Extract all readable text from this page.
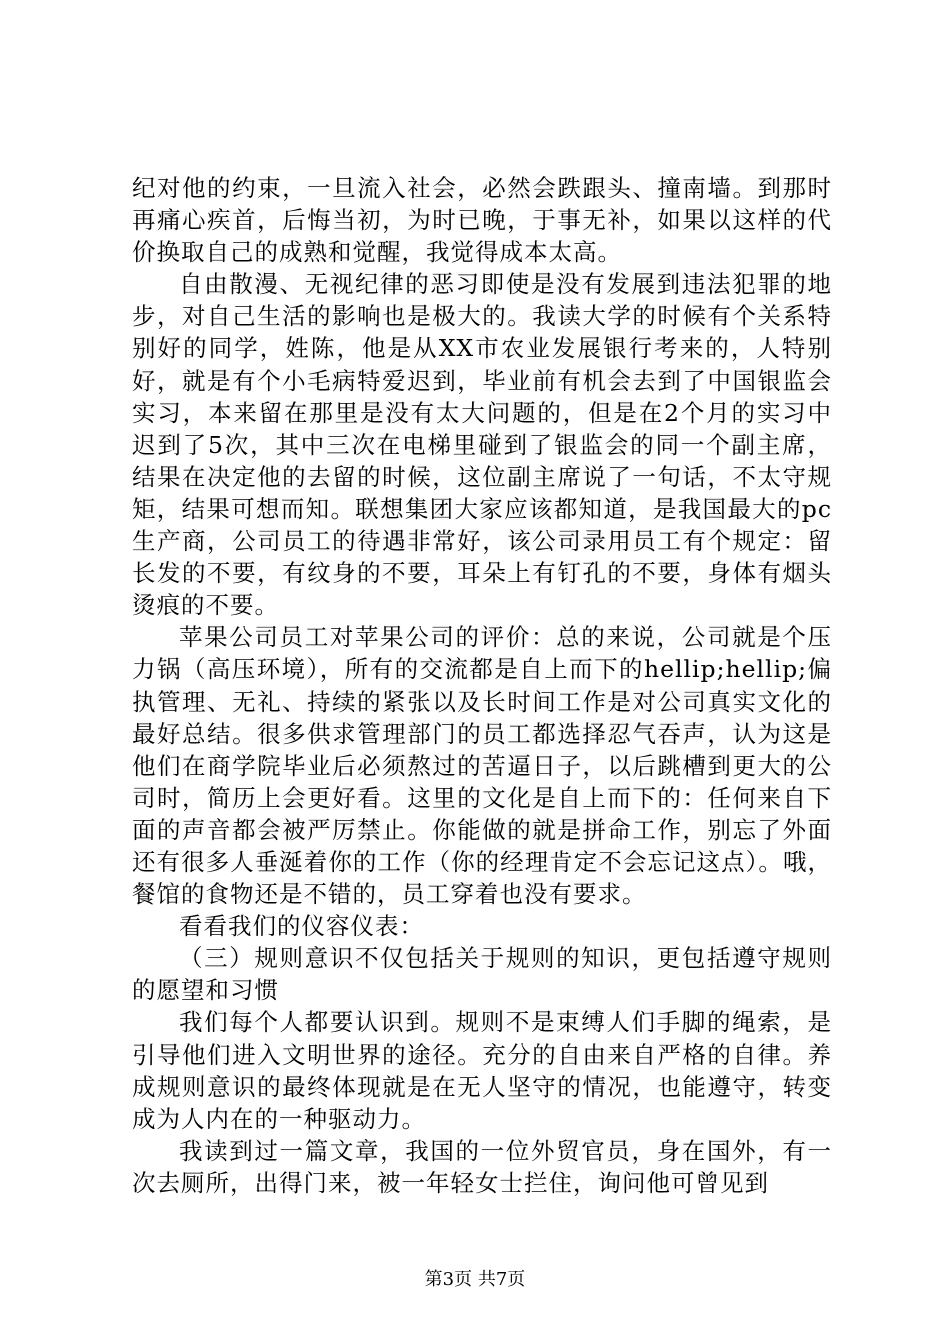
纪对他的约束，一旦流入社会，必然会跌跟头、撞南墙。到那时再痛心疾首，后悔当初，为时已晚，于事无补，如果以这样的代价换取自己的成熟和觉醒，我觉得成本太高。

自由散漫、无视纪律的恶习即使是没有发展到违法犯罪的地步，对自己生活的影响也是极大的。我读大学的时候有个关系特别好的同学，姓陈，他是从XX市农业发展银行考来的，人特别好，就是有个小毛病特爱迟到，毕业前有机会去到了中国银监会实习，本来留在那里是没有太大问题的，但是在2个月的实习中迟到了5次，其中三次在电梯里碰到了银监会的同一个副主席，结果在决定他的去留的时候，这位副主席说了一句话，不太守规矩，结果可想而知。联想集团大家应该都知道，是我国最大的pc生产商，公司员工的待遇非常好，该公司录用员工有个规定：留长发的不要，有纹身的不要，耳朵上有钉孔的不要，身体有烟头烫痕的不要。

苹果公司员工对苹果公司的评价：总的来说，公司就是个压力锅（高压环境），所有的交流都是自上而下的hellip;hellip;偏执管理、无礼、持续的紧张以及长时间工作是对公司真实文化的最好总结。很多供求管理部门的员工都选择忍气吞声，认为这是他们在商学院毕业后必须熬过的苦逼日子，以后跳槽到更大的公司时，简历上会更好看。这里的文化是自上而下的：任何来自下面的声音都会被严厉禁止。你能做的就是拼命工作，别忘了外面还有很多人垂涎着你的工作（你的经理肯定不会忘记这点）。哦，餐馆的食物还是不错的，员工穿着也没有要求。

看看我们的仪容仪表：

（三）规则意识不仅包括关于规则的知识，更包括遵守规则的愿望和习惯

我们每个人都要认识到。规则不是束缚人们手脚的绳索，是引导他们进入文明世界的途径。充分的自由来自严格的自律。养成规则意识的最终体现就是在无人坚守的情况，也能遵守，转变成为人内在的一种驱动力。

我读到过一篇文章，我国的一位外贸官员，身在国外，有一次去厕所，出得门来，被一年轻女士拦住，询问他可曾见到

第3页 共7页
